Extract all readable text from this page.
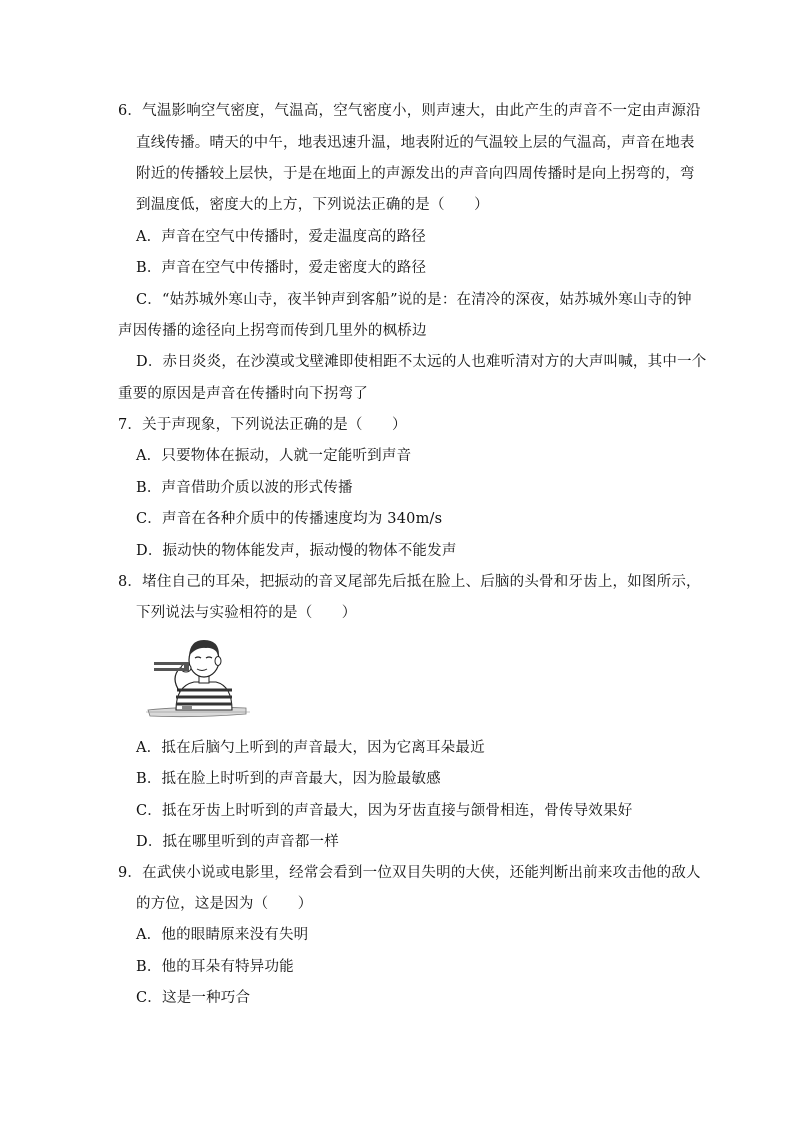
6．气温影响空气密度，气温高，空气密度小，则声速大，由此产生的声音不一定由声源沿
直线传播。晴天的中午，地表迅速升温，地表附近的气温较上层的气温高，声音在地表
附近的传播较上层快，于是在地面上的声源发出的声音向四周传播时是向上拐弯的，弯
到温度低，密度大的上方，下列说法正确的是（　　）
A．声音在空气中传播时，爱走温度高的路径
B．声音在空气中传播时，爱走密度大的路径
C．“姑苏城外寒山寺，夜半钟声到客船”说的是：在清冷的深夜，姑苏城外寒山寺的钟
声因传播的途径向上拐弯而传到几里外的枫桥边
D．赤日炎炎，在沙漠或戈壁滩即使相距不太远的人也难听清对方的大声叫喊，其中一个
重要的原因是声音在传播时向下拐弯了
7．关于声现象，下列说法正确的是（　　）
A．只要物体在振动，人就一定能听到声音
B．声音借助介质以波的形式传播
C．声音在各种介质中的传播速度均为 340m/s
D．振动快的物体能发声，振动慢的物体不能发声
8．堵住自己的耳朵，把振动的音叉尾部先后抵在脸上、后脑的头骨和牙齿上，如图所示，
下列说法与实验相符的是（　　）
A．抵在后脑勺上听到的声音最大，因为它离耳朵最近
B．抵在脸上时听到的声音最大，因为脸最敏感
C．抵在牙齿上时听到的声音最大，因为牙齿直接与颌骨相连，骨传导效果好
D．抵在哪里听到的声音都一样
9．在武侠小说或电影里，经常会看到一位双目失明的大侠，还能判断出前来攻击他的敌人
的方位，这是因为（　　）
A．他的眼睛原来没有失明
B．他的耳朵有特异功能
C．这是一种巧合
